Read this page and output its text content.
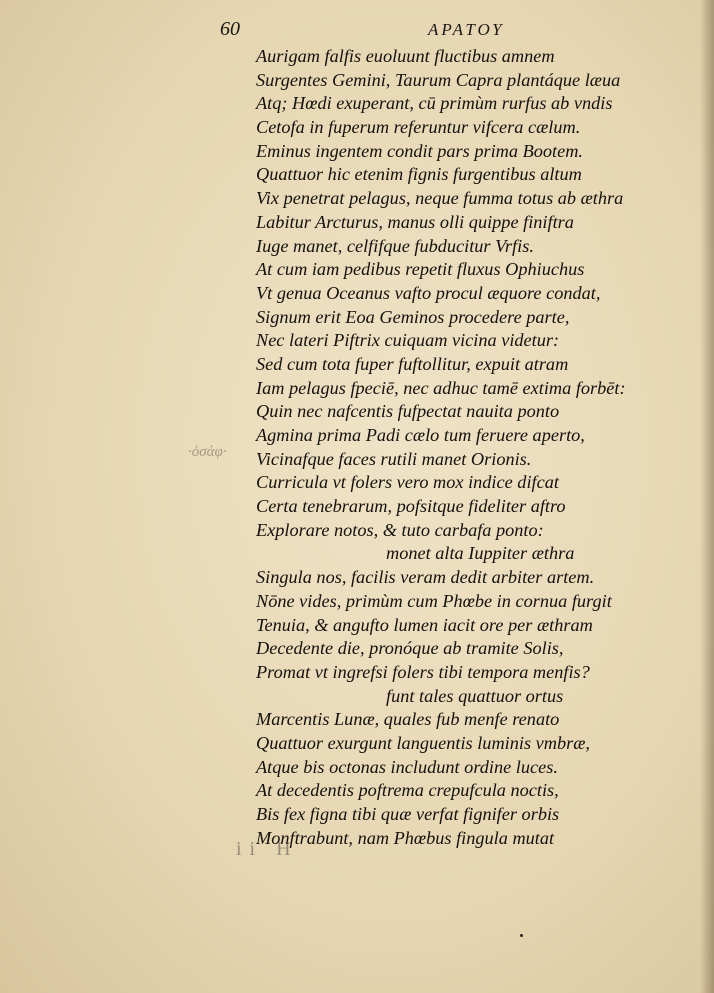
60	ΑΡΑΤΟΥ
Aurigam falfis euoluunt fluctibus amnem
Surgentes Gemini, Taurum Capra plantáque læua
Atq; Hœdi exuperant, cū primùm rurfus ab vndis
Cetofa in fuperum referuntur vifcera cælum.
Eminus ingentem condit pars prima Bootem.
Quattuor hic etenim fignis furgentibus altum
Vix penetrat pelagus, neque fumma totus ab æthra
Labitur Arcturus, manus olli quippe finiftra
Iuge manet, celfifque fubducitur Vrfis.
At cum iam pedibus repetit fluxus Ophiuchus
Vt genua Oceanus vafto procul æquore condat,
Signum erit Eoa Geminos procedere parte,
Nec lateri Piftrix cuiquam vicina videtur:
Sed cum tota fuper fuftollitur, expuit atram
Iam pelagus fpeciē, nec adhuc tamē extima forbēt:
Quin nec nafcentis fufpectat nauita ponto
Agmina prima Padi cælo tum feruere aperto,
Vicinafque faces rutili manet Orionis.
Curricula vt folers vero mox indice difcat
Certa tenebrarum, pofsitque fideliter aftro
Explorare notos, & tuto carbafa ponto:
monet alta Iuppiter æthra
Singula nos, facilis veram dedit arbiter artem.
Nōne vides, primùm cum Phœbe in cornua furgit
Tenuia, & angufto lumen iacit ore per æthram
Decedente die, pronóque ab tramite Solis,
Promat vt ingrefsi folers tibi tempora menfis?
funt tales quattuor ortus
Marcentis Lunæ, quales fub menfe renato
Quattuor exurgunt languentis luminis vmbræ,
Atque bis octonas includunt ordine luces.
At decedentis poftrema crepufcula noctis,
Bis fex figna tibi quæ verfat fignifer orbis
Monftrabunt, nam Phœbus fingula mutat
·ὀσάφ·
ii H
